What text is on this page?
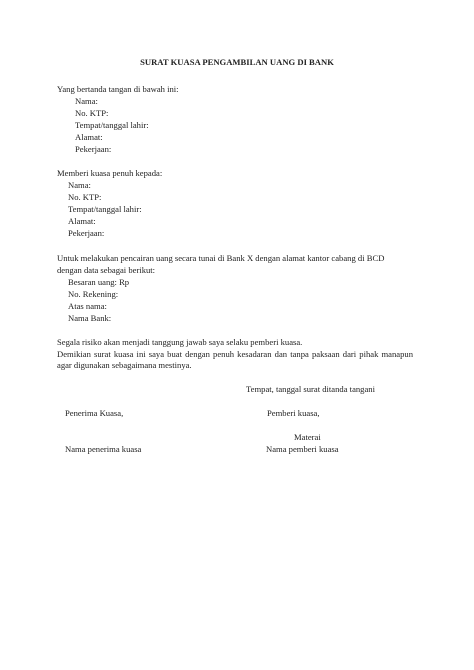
SURAT KUASA PENGAMBILAN UANG DI BANK
Yang bertanda tangan di bawah ini:
Nama:
No. KTP:
Tempat/tanggal lahir:
Alamat:
Pekerjaan:
Memberi kuasa penuh kepada:
Nama:
No. KTP:
Tempat/tanggal lahir:
Alamat:
Pekerjaan:
Untuk melakukan pencairan uang secara tunai di Bank X dengan alamat kantor cabang di BCD
dengan data sebagai berikut:
Besaran uang: Rp
No. Rekening:
Atas nama:
Nama Bank:
Segala risiko akan menjadi tanggung jawab saya selaku pemberi kuasa.
Demikian surat kuasa ini saya buat dengan penuh kesadaran dan tanpa paksaan dari pihak manapun agar digunakan sebagaimana mestinya.
Tempat, tanggal surat ditanda tangani
Penerima Kuasa,	Pemberi kuasa,
Materai
Nama penerima kuasa	Nama pemberi kuasa
